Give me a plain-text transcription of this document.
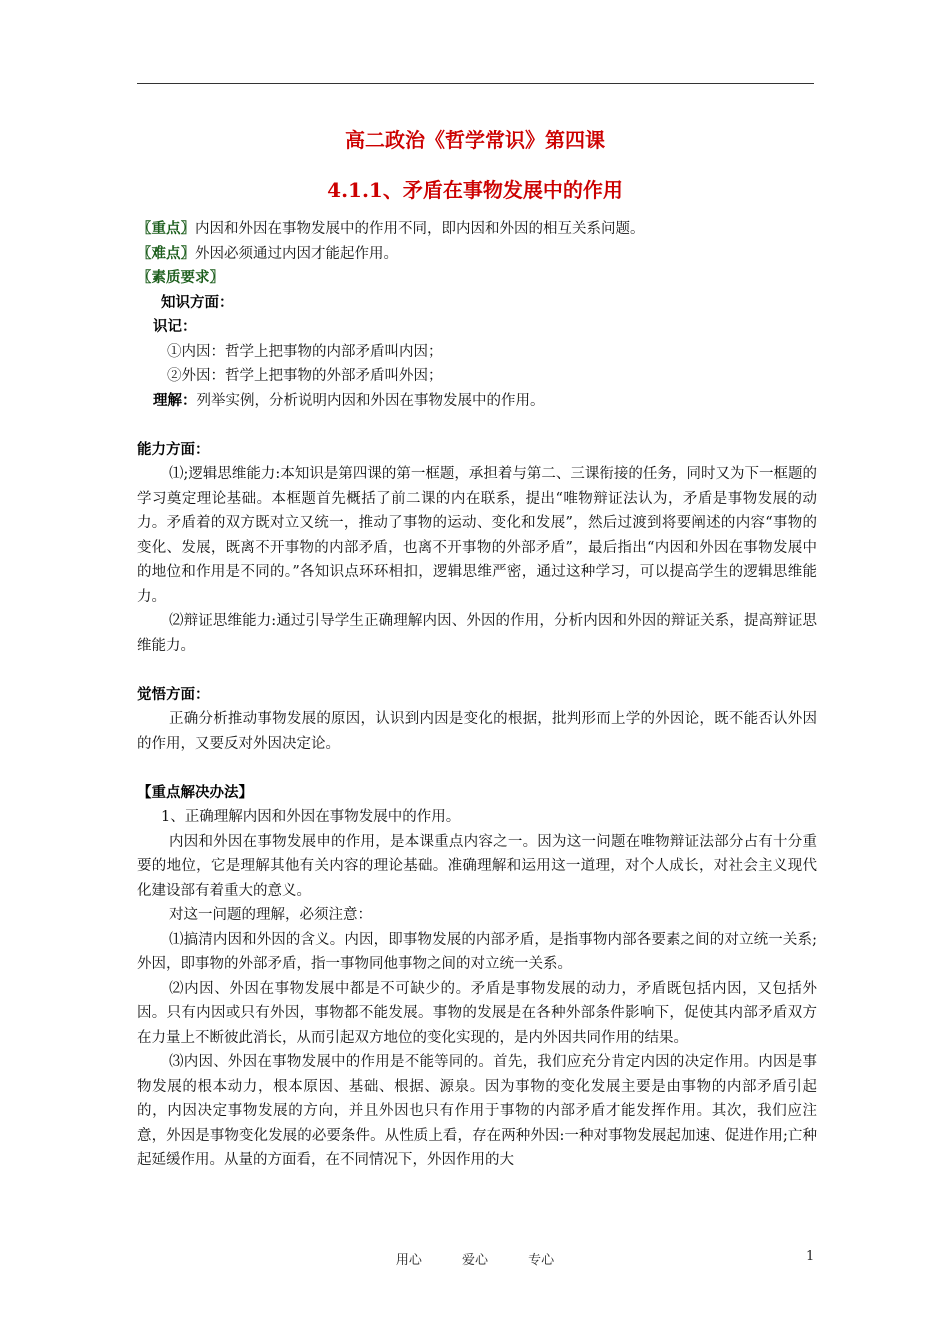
高二政治《哲学常识》第四课
4.1.1、矛盾在事物发展中的作用

〖重点〗内因和外因在事物发展中的作用不同，即内因和外因的相互关系问题。

〖难点〗外因必须通过内因才能起作用。

〖素质要求〗

知识方面：

识记：

①内因：哲学上把事物的内部矛盾叫内因；

②外因：哲学上把事物的外部矛盾叫外因；

理解：列举实例，分析说明内因和外因在事物发展中的作用。

能力方面：

⑴;逻辑思维能力:本知识是第四课的第一框题，承担着与第二、三课衔接的任务，同时又为下一框题的学习奠定理论基础。本框题首先概括了前二课的内在联系，提出“唯物辩证法认为，矛盾是事物发展的动力。矛盾着的双方既对立又统一，推动了事物的运动、变化和发展”，然后过渡到将要阐述的内容“事物的变化、发展，既离不开事物的内部矛盾，也离不开事物的外部矛盾”，最后指出“内因和外因在事物发展中的地位和作用是不同的。”各知识点环环相扣，逻辑思维严密，通过这种学习，可以提高学生的逻辑思维能力。

⑵辩证思维能力:通过引导学生正确理解内因、外因的作用，分析内因和外因的辩证关系，提高辩证思维能力。

觉悟方面：

正确分析推动事物发展的原因，认识到内因是变化的根据，批判形而上学的外因论，既不能否认外因的作用，又要反对外因决定论。

【重点解决办法】

1、正确理解内因和外因在事物发展中的作用。

内因和外因在事物发展申的作用，是本课重点内容之一。因为这一问题在唯物辩证法部分占有十分重要的地位，它是理解其他有关内容的理论基础。准确理解和运用这一道理，对个人成长，对社会主义现代化建设部有着重大的意义。

对这一问题的理解，必须注意：

⑴搞清内因和外因的含义。内因，即事物发展的内部矛盾，是指事物内部各要素之间的对立统一关系;外因，即事物的外部矛盾，指一事物同他事物之间的对立统一关系。

⑵内因、外因在事物发展中都是不可缺少的。矛盾是事物发展的动力，矛盾既包括内因，又包括外因。只有内因或只有外因，事物都不能发展。事物的发展是在各种外部条件影响下，促使其内部矛盾双方在力量上不断彼此消长，从而引起双方地位的变化实现的，是内外因共同作用的结果。

⑶内因、外因在事物发展中的作用是不能等同的。首先，我们应充分肯定内因的决定作用。内因是事物发展的根本动力，根本原因、基础、根据、源泉。因为事物的变化发展主要是由事物的内部矛盾引起的，内因决定事物发展的方向，并且外因也只有作用于事物的内部矛盾才能发挥作用。其次，我们应注意，外因是事物变化发展的必要条件。从性质上看，存在两种外因:一种对事物发展起加速、促进作用;亡种起延缓作用。从量的方面看，在不同情况下，外因作用的大

用心	爱心	专心	1
